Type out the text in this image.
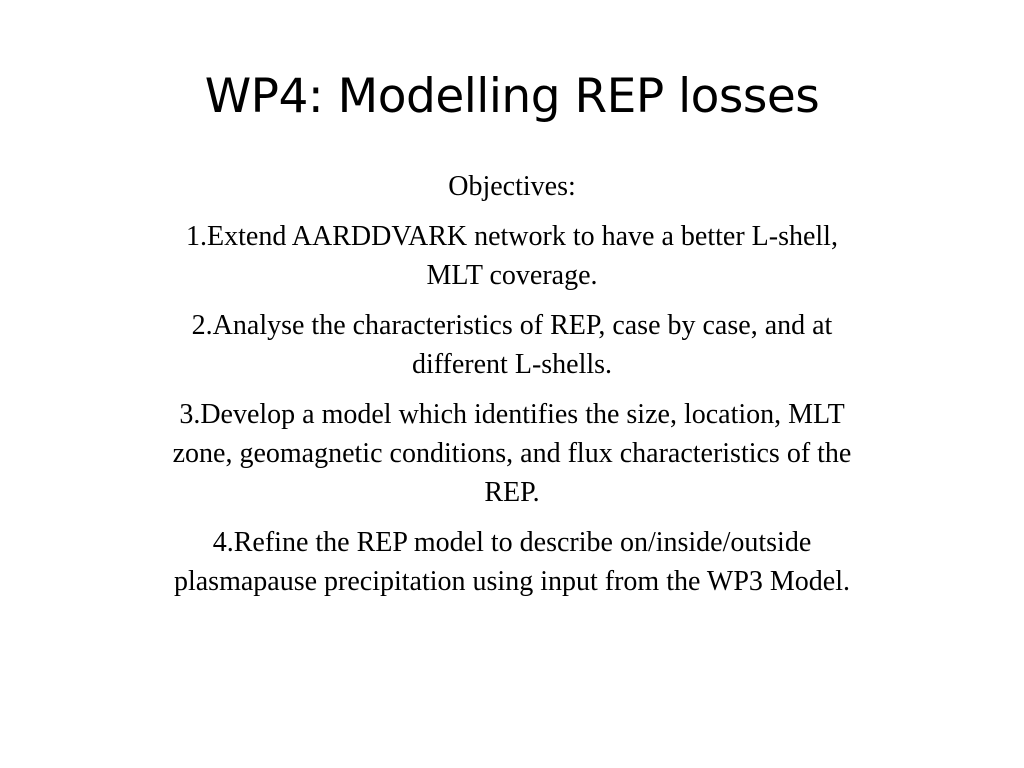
WP4: Modelling REP losses

Objectives:

1.Extend AARDDVARK network to have a better L-shell, MLT coverage.
2.Analyse the characteristics of REP, case by case, and at different L-shells.
3.Develop a model which identifies the size, location, MLT zone, geomagnetic conditions, and flux characteristics of the REP.
4.Refine the REP model to describe on/inside/outside plasmapause precipitation using input from the WP3 Model.
